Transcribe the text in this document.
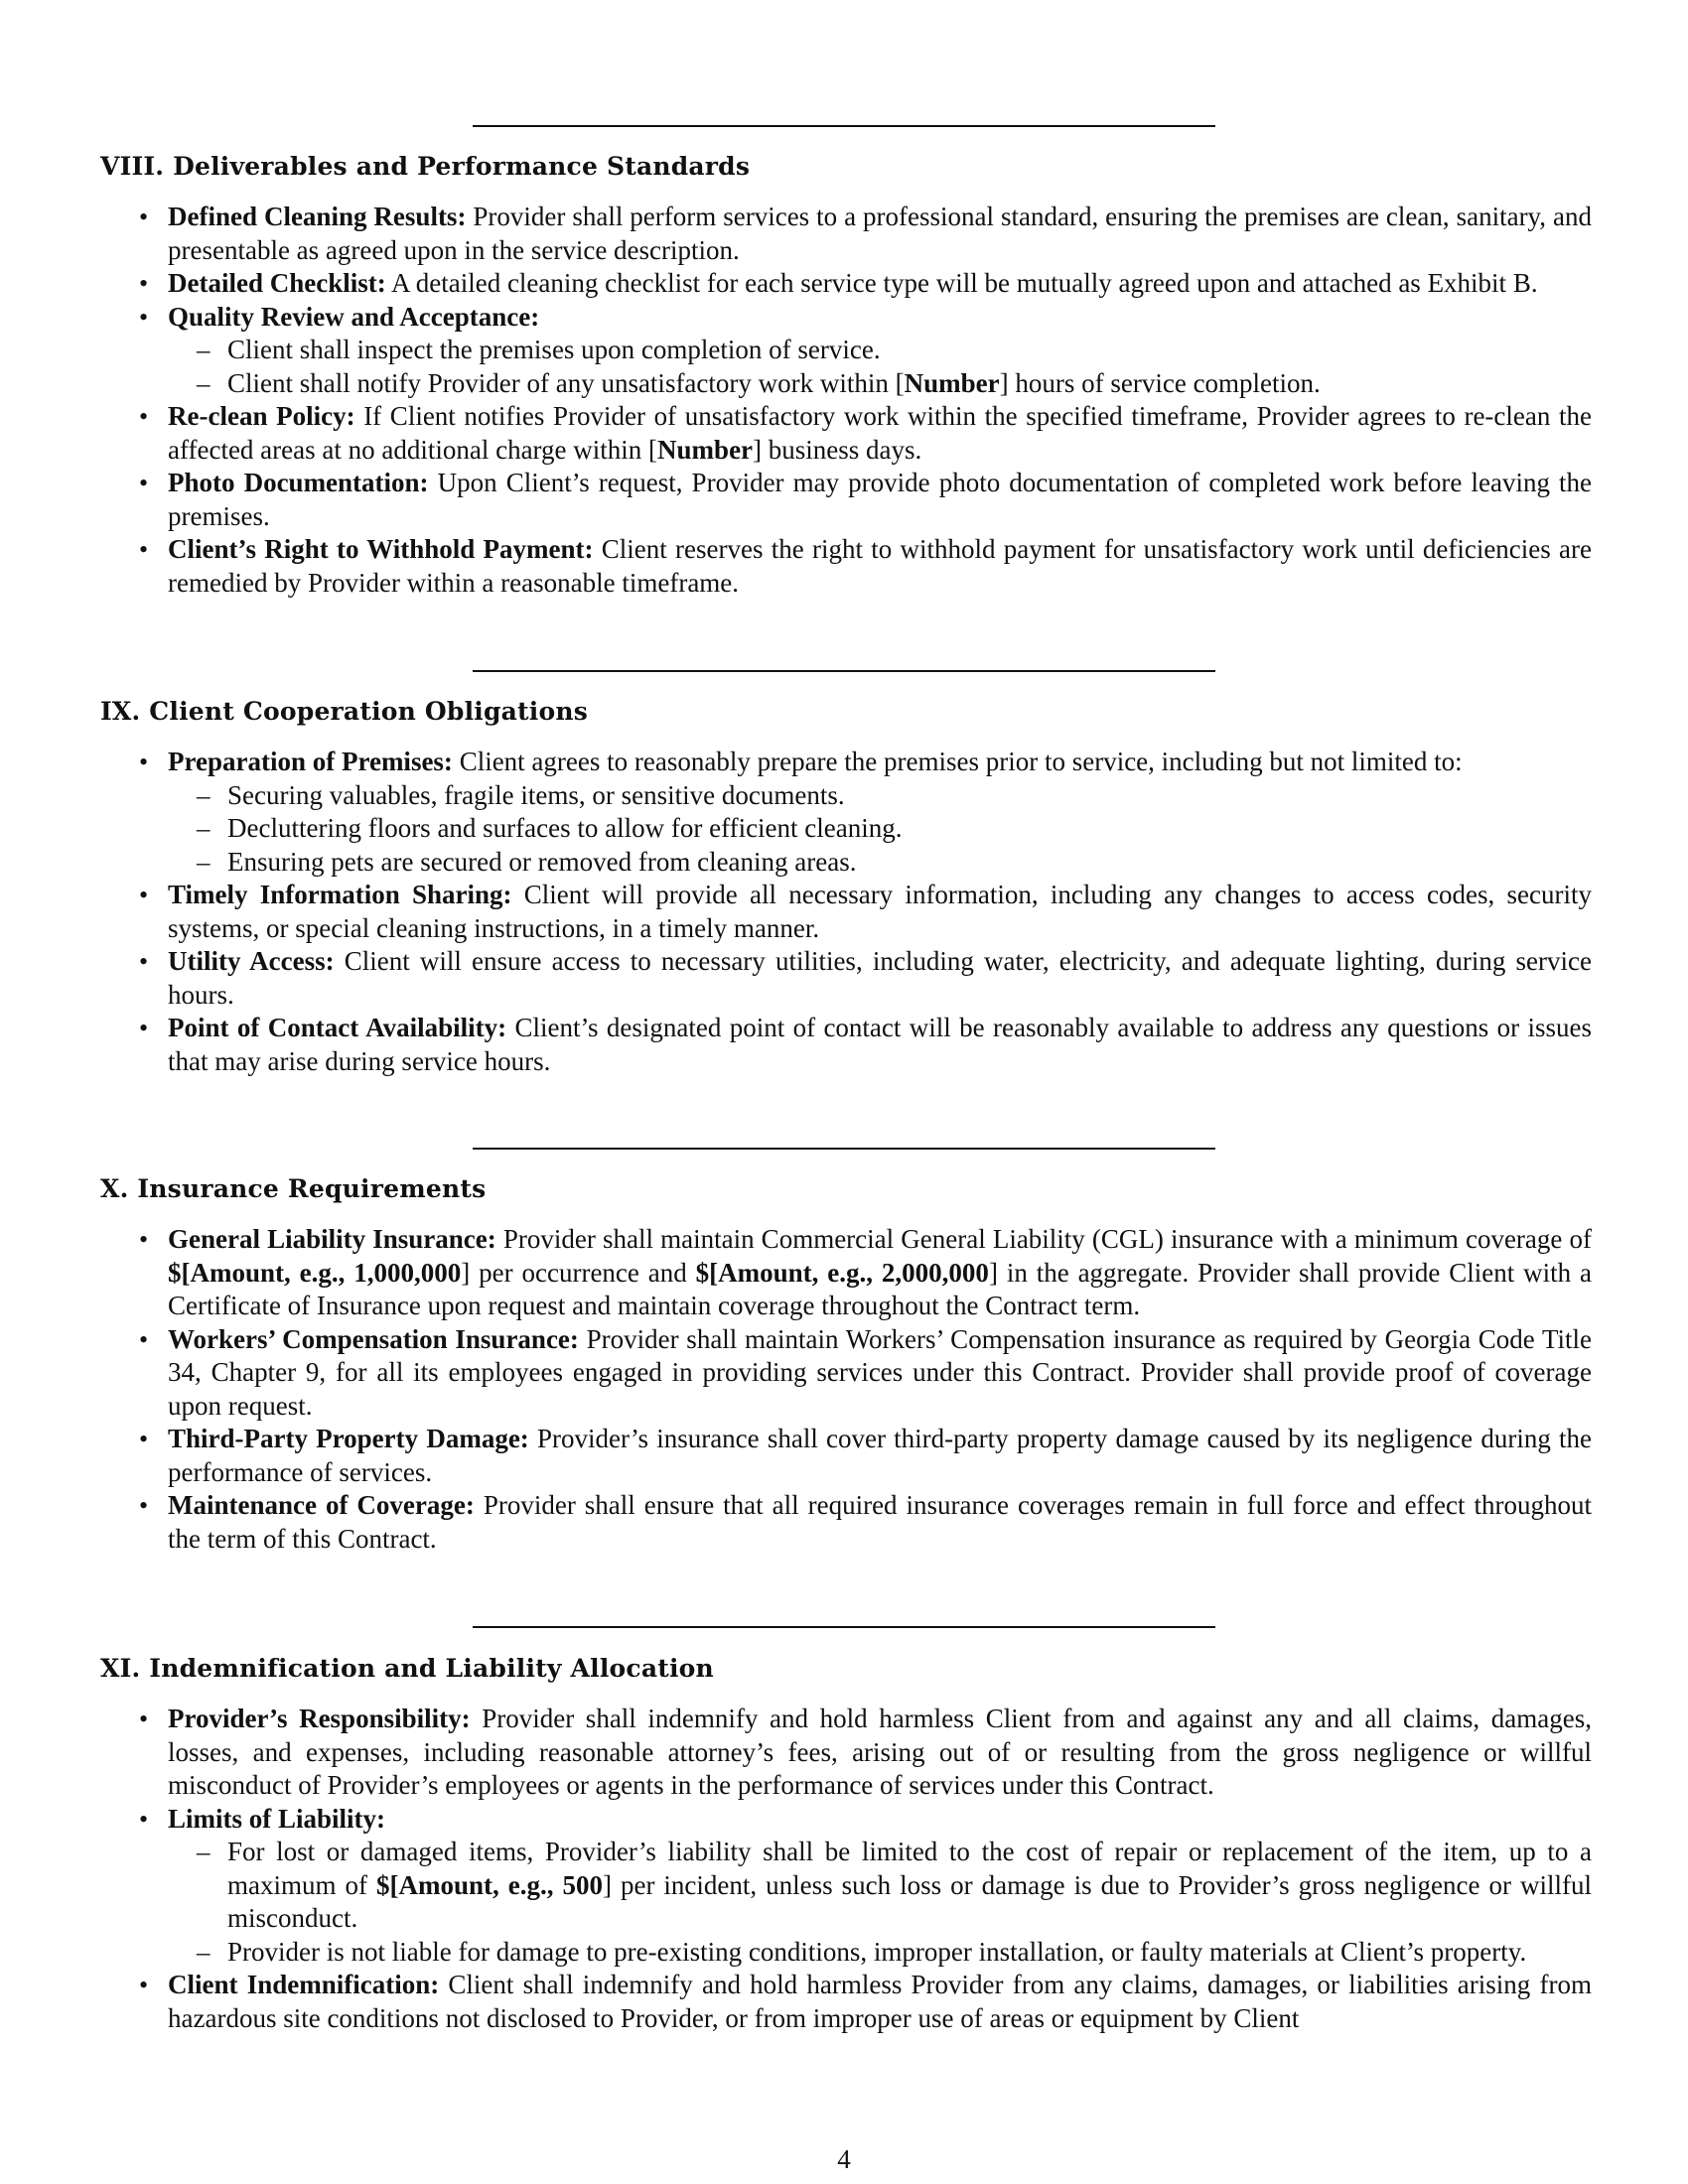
VIII. Deliverables and Performance Standards
• Defined Cleaning Results: Provider shall perform services to a professional standard, ensuring the premises are clean, sanitary, and presentable as agreed upon in the service description.
• Detailed Checklist: A detailed cleaning checklist for each service type will be mutually agreed upon and attached as Exhibit B.
• Quality Review and Acceptance:
– Client shall inspect the premises upon completion of service.
– Client shall notify Provider of any unsatisfactory work within [Number] hours of service completion.
• Re-clean Policy: If Client notifies Provider of unsatisfactory work within the specified timeframe, Provider agrees to re-clean the affected areas at no additional charge within [Number] business days.
• Photo Documentation: Upon Client’s request, Provider may provide photo documentation of completed work before leaving the premises.
• Client’s Right to Withhold Payment: Client reserves the right to withhold payment for unsatisfactory work until deficiencies are remedied by Provider within a reasonable timeframe.
IX. Client Cooperation Obligations
• Preparation of Premises: Client agrees to reasonably prepare the premises prior to service, including but not limited to:
– Securing valuables, fragile items, or sensitive documents.
– Decluttering floors and surfaces to allow for efficient cleaning.
– Ensuring pets are secured or removed from cleaning areas.
• Timely Information Sharing: Client will provide all necessary information, including any changes to access codes, security systems, or special cleaning instructions, in a timely manner.
• Utility Access: Client will ensure access to necessary utilities, including water, electricity, and adequate lighting, during service hours.
• Point of Contact Availability: Client’s designated point of contact will be reasonably available to address any questions or issues that may arise during service hours.
X. Insurance Requirements
• General Liability Insurance: Provider shall maintain Commercial General Liability (CGL) insurance with a minimum coverage of $[Amount, e.g., 1,000,000] per occurrence and $[Amount, e.g., 2,000,000] in the aggregate. Provider shall provide Client with a Certificate of Insurance upon request and maintain coverage throughout the Contract term.
• Workers’ Compensation Insurance: Provider shall maintain Workers’ Compensation insurance as required by Georgia Code Title 34, Chapter 9, for all its employees engaged in providing services under this Contract. Provider shall provide proof of coverage upon request.
• Third-Party Property Damage: Provider’s insurance shall cover third-party property damage caused by its negligence during the performance of services.
• Maintenance of Coverage: Provider shall ensure that all required insurance coverages remain in full force and effect throughout the term of this Contract.
XI. Indemnification and Liability Allocation
• Provider’s Responsibility: Provider shall indemnify and hold harmless Client from and against any and all claims, damages, losses, and expenses, including reasonable attorney’s fees, arising out of or resulting from the gross negligence or willful misconduct of Provider’s employees or agents in the performance of services under this Contract.
• Limits of Liability:
– For lost or damaged items, Provider’s liability shall be limited to the cost of repair or replacement of the item, up to a maximum of $[Amount, e.g., 500] per incident, unless such loss or damage is due to Provider’s gross negligence or willful misconduct.
– Provider is not liable for damage to pre-existing conditions, improper installation, or faulty materials at Client’s property.
• Client Indemnification: Client shall indemnify and hold harmless Provider from any claims, damages, or liabilities arising from hazardous site conditions not disclosed to Provider, or from improper use of areas or equipment by Client
4
